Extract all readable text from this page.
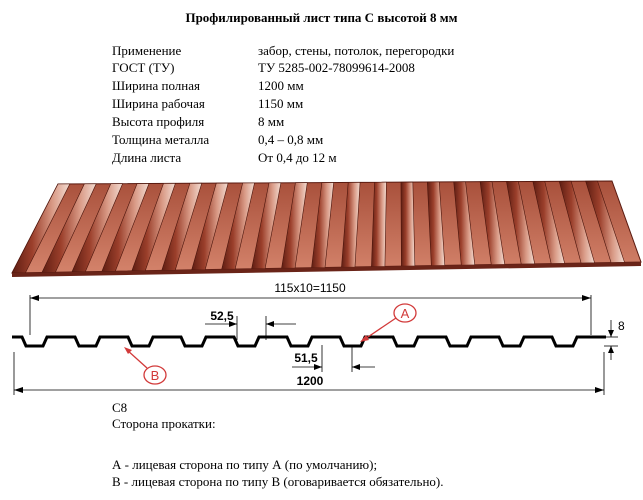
Профилированный лист типа С высотой 8 мм
Применение	забор, стены, потолок, перегородки
ГОСТ (ТУ)	ТУ 5285-002-78099614-2008
Ширина полная	1200 мм
Ширина рабочая	1150 мм
Высота профиля	8 мм
Толщина металла	0,4 – 0,8 мм
Длина листа	От 0,4 до 12 м
115x10=1150
52,5
51,5
8
1200
A
B
C8
Сторона прокатки:
А - лицевая сторона по типу А (по умолчанию);
В - лицевая сторона по типу В (оговаривается обязательно).
